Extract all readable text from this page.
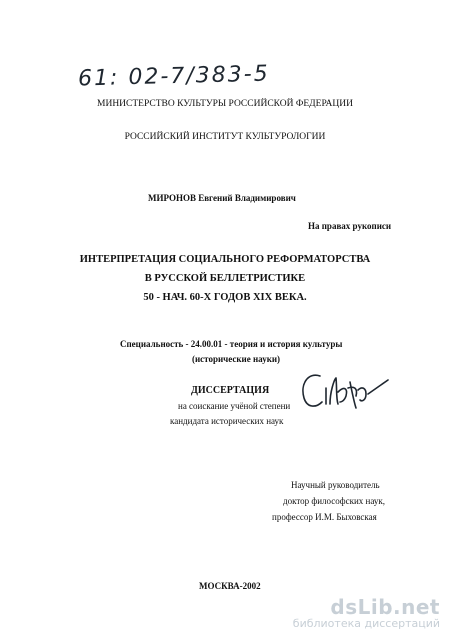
61: 02-7/383-5
МИНИСТЕРСТВО КУЛЬТУРЫ РОССИЙСКОЙ ФЕДЕРАЦИИ
РОССИЙСКИЙ ИНСТИТУТ КУЛЬТУРОЛОГИИ
МИРОНОВ Евгений Владимирович
На правах рукописи
ИНТЕРПРЕТАЦИЯ СОЦИАЛЬНОГО РЕФОРМАТОРСТВА
В РУССКОЙ БЕЛЛЕТРИСТИКЕ
50 - НАЧ. 60-Х ГОДОВ XIX ВЕКА.
Специальность - 24.00.01 - теория и история культуры
(исторические науки)
ДИССЕРТАЦИЯ
на соискание учёной степени
кандидата исторических наук
Научный руководитель
доктор философских наук,
профессор И.М. Быховская
МОСКВА-2002
dsLib.net
библиотека диссертаций
